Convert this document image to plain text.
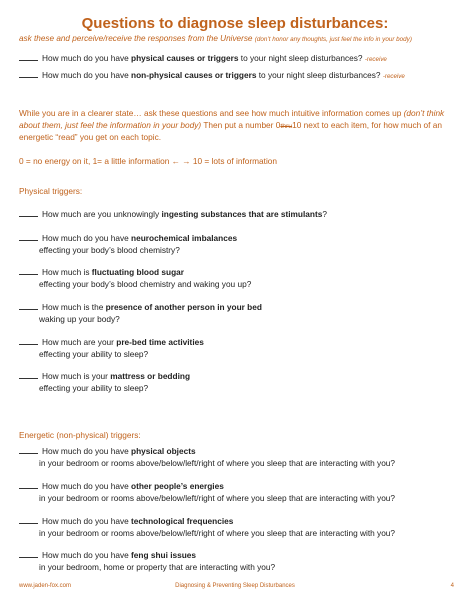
Questions to diagnose sleep disturbances:
ask these and perceive/receive the responses from the Universe (don’t honor any thoughts, just feel the info in your body)
How much do you have physical causes or triggers to your night sleep disturbances? -receive
How much do you have non-physical causes or triggers to your night sleep disturbances? -receive
While you are in a clearer state… ask these questions and see how much intuitive information comes up (don’t think about them, just feel the information in your body) Then put a number 0thru10 next to each item, for how much of an energetic “read” you get on each topic.
0 = no energy on it, 1= a little information ← → 10 = lots of information
Physical triggers:
How much are you unknowingly ingesting substances that are stimulants?
How much do you have neurochemical imbalances
effecting your body’s blood chemistry?
How much is fluctuating blood sugar
effecting your body’s blood chemistry and waking you up?
How much is the presence of another person in your bed
waking up your body?
How much are your pre-bed time activities
effecting your ability to sleep?
How much is your mattress or bedding
effecting your ability to sleep?
Energetic (non-physical) triggers:
How much do you have physical objects
in your bedroom or rooms above/below/left/right of where you sleep that are interacting with you?
How much do you have other people’s energies
in your bedroom or rooms above/below/left/right of where you sleep that are interacting with you?
How much do you have technological frequencies
in your bedroom or rooms above/below/left/right of where you sleep that are interacting with you?
How much do you have feng shui issues
in your bedroom, home or property that are interacting with you?
www.jaden-fox.com	Diagnosing & Preventing Sleep Disturbances	4
